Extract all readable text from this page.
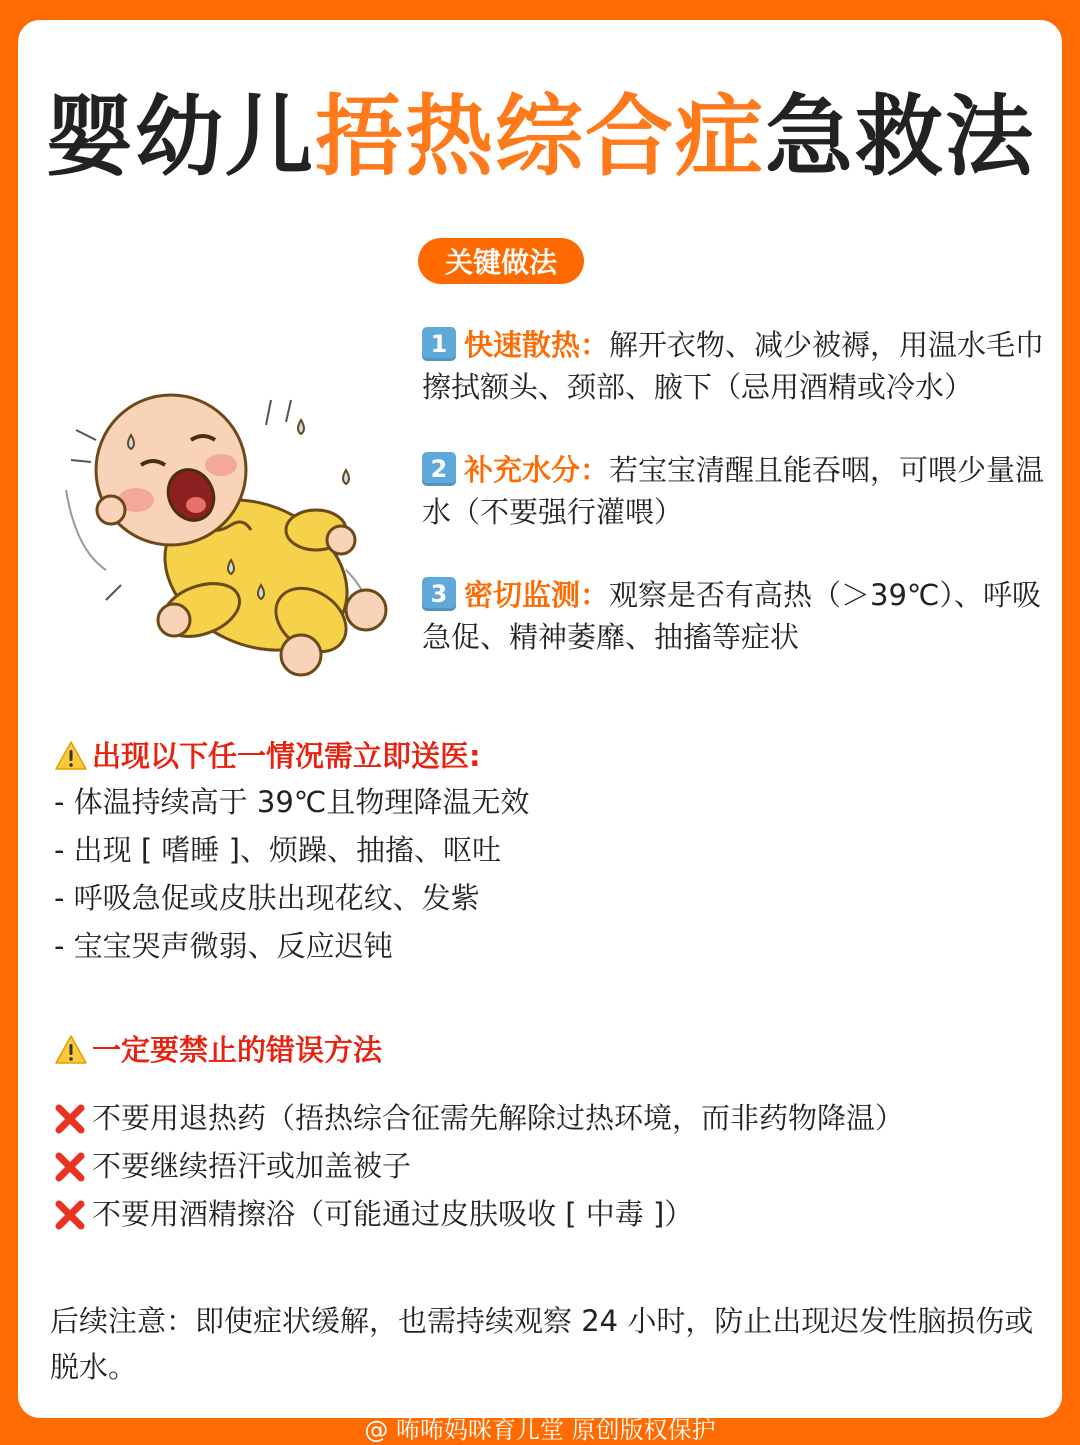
婴幼儿捂热综合症急救法
关键做法
1 快速散热：解开衣物、减少被褥，用温水毛巾擦拭额头、颈部、腋下（忌用酒精或冷水）
2 补充水分：若宝宝清醒且能吞咽，可喂少量温水（不要强行灌喂）
3 密切监测：观察是否有高热（＞39℃）、呼吸急促、精神萎靡、抽搐等症状
出现以下任一情况需立即送医:
- 体温持续高于 39℃且物理降温无效
- 出现 [ 嗜睡 ]、烦躁、抽搐、呕吐
- 呼吸急促或皮肤出现花纹、发紫
- 宝宝哭声微弱、反应迟钝
一定要禁止的错误方法
不要用退热药（捂热综合征需先解除过热环境，而非药物降温）
不要继续捂汗或加盖被子
不要用酒精擦浴（可能通过皮肤吸收 [ 中毒 ]）
后续注意：即使症状缓解，也需持续观察 24 小时，防止出现迟发性脑损伤或脱水。
@ 咘咘妈咪育儿堂 原创版权保护
